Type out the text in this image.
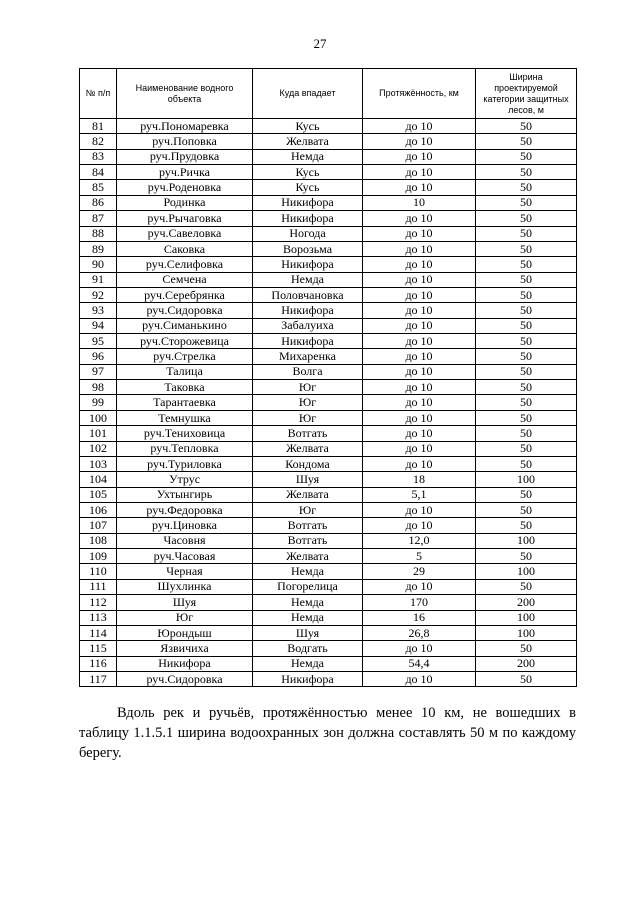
27
№ п/п	Наименование водного объекта	Куда впадает	Протяжённость, км	Ширина проектируемой категории защитных лесов, м
81	руч.Пономаревка	Кусь	до 10	50
82	руч.Поповка	Желвата	до 10	50
83	руч.Прудовка	Немда	до 10	50
84	руч.Ричка	Кусь	до 10	50
85	руч.Роденовка	Кусь	до 10	50
86	Родинка	Никифора	10	50
87	руч.Рычаговка	Никифора	до 10	50
88	руч.Савеловка	Ногода	до 10	50
89	Саковка	Ворозьма	до 10	50
90	руч.Селифовка	Никифора	до 10	50
91	Семчена	Немда	до 10	50
92	руч.Серебрянка	Половчановка	до 10	50
93	руч.Сидоровка	Никифора	до 10	50
94	руч.Симанькино	Забалуиха	до 10	50
95	руч.Сторожевица	Никифора	до 10	50
96	руч.Стрелка	Михаренка	до 10	50
97	Талица	Волга	до 10	50
98	Таковка	Юг	до 10	50
99	Тарантаевка	Юг	до 10	50
100	Темнушка	Юг	до 10	50
101	руч.Тениховица	Вотгать	до 10	50
102	руч.Тепловка	Желвата	до 10	50
103	руч.Туриловка	Кондома	до 10	50
104	Утрус	Шуя	18	100
105	Ухтынгирь	Желвата	5,1	50
106	руч.Федоровка	Юг	до 10	50
107	руч.Циновка	Вотгать	до 10	50
108	Часовня	Вотгать	12,0	100
109	руч.Часовая	Желвата	5	50
110	Черная	Немда	29	100
111	Шухлинка	Погорелица	до 10	50
112	Шуя	Немда	170	200
113	Юг	Немда	16	100
114	Юрондыш	Шуя	26,8	100
115	Язвичиха	Водгать	до 10	50
116	Никифора	Немда	54,4	200
117	руч.Сидоровка	Никифора	до 10	50

Вдоль рек и ручьёв, протяжённостью менее 10 км, не вошедших в таблицу 1.1.5.1 ширина водоохранных зон должна составлять 50 м по каждому берегу.
